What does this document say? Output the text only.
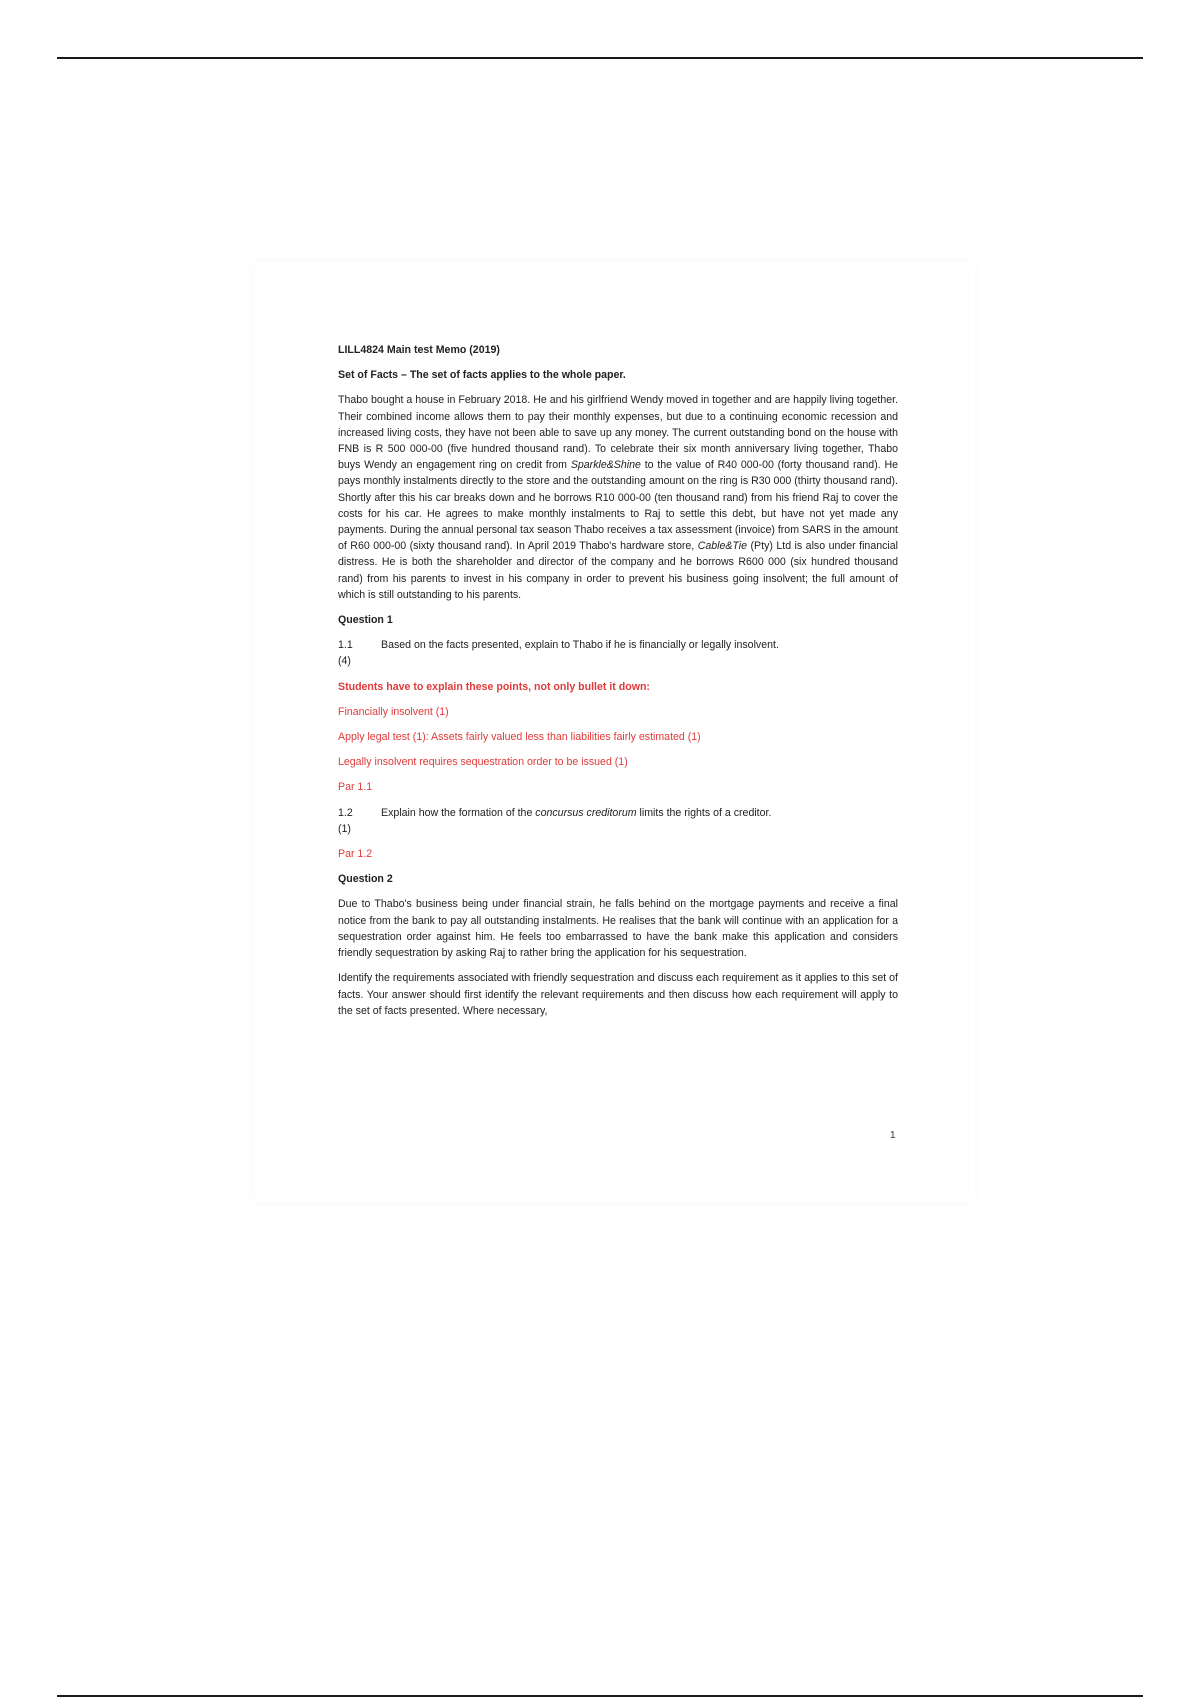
LILL4824 Main test Memo (2019)

Set of Facts – The set of facts applies to the whole paper.

Thabo bought a house in February 2018. He and his girlfriend Wendy moved in together and are happily living together. Their combined income allows them to pay their monthly expenses, but due to a continuing economic recession and increased living costs, they have not been able to save up any money. The current outstanding bond on the house with FNB is R 500 000-00 (five hundred thousand rand). To celebrate their six month anniversary living together, Thabo buys Wendy an engagement ring on credit from Sparkle&Shine to the value of R40 000-00 (forty thousand rand). He pays monthly instalments directly to the store and the outstanding amount on the ring is R30 000 (thirty thousand rand). Shortly after this his car breaks down and he borrows R10 000-00 (ten thousand rand) from his friend Raj to cover the costs for his car. He agrees to make monthly instalments to Raj to settle this debt, but have not yet made any payments. During the annual personal tax season Thabo receives a tax assessment (invoice) from SARS in the amount of R60 000-00 (sixty thousand rand). In April 2019 Thabo's hardware store, Cable&Tie (Pty) Ltd is also under financial distress. He is both the shareholder and director of the company and he borrows R600 000 (six hundred thousand rand) from his parents to invest in his company in order to prevent his business going insolvent; the full amount of which is still outstanding to his parents.

Question 1

1.1	Based on the facts presented, explain to Thabo if he is financially or legally insolvent.

(4)

Students have to explain these points, not only bullet it down:

Financially insolvent (1)

Apply legal test (1): Assets fairly valued less than liabilities fairly estimated (1)

Legally insolvent requires sequestration order to be issued (1)

Par 1.1

1.2	Explain how the formation of the concursus creditorum limits the rights of a creditor.

(1)

Par 1.2

Question 2

Due to Thabo's business being under financial strain, he falls behind on the mortgage payments and receive a final notice from the bank to pay all outstanding instalments. He realises that the bank will continue with an application for a sequestration order against him. He feels too embarrassed to have the bank make this application and considers friendly sequestration by asking Raj to rather bring the application for his sequestration.

Identify the requirements associated with friendly sequestration and discuss each requirement as it applies to this set of facts. Your answer should first identify the relevant requirements and then discuss how each requirement will apply to the set of facts presented. Where necessary,

1
